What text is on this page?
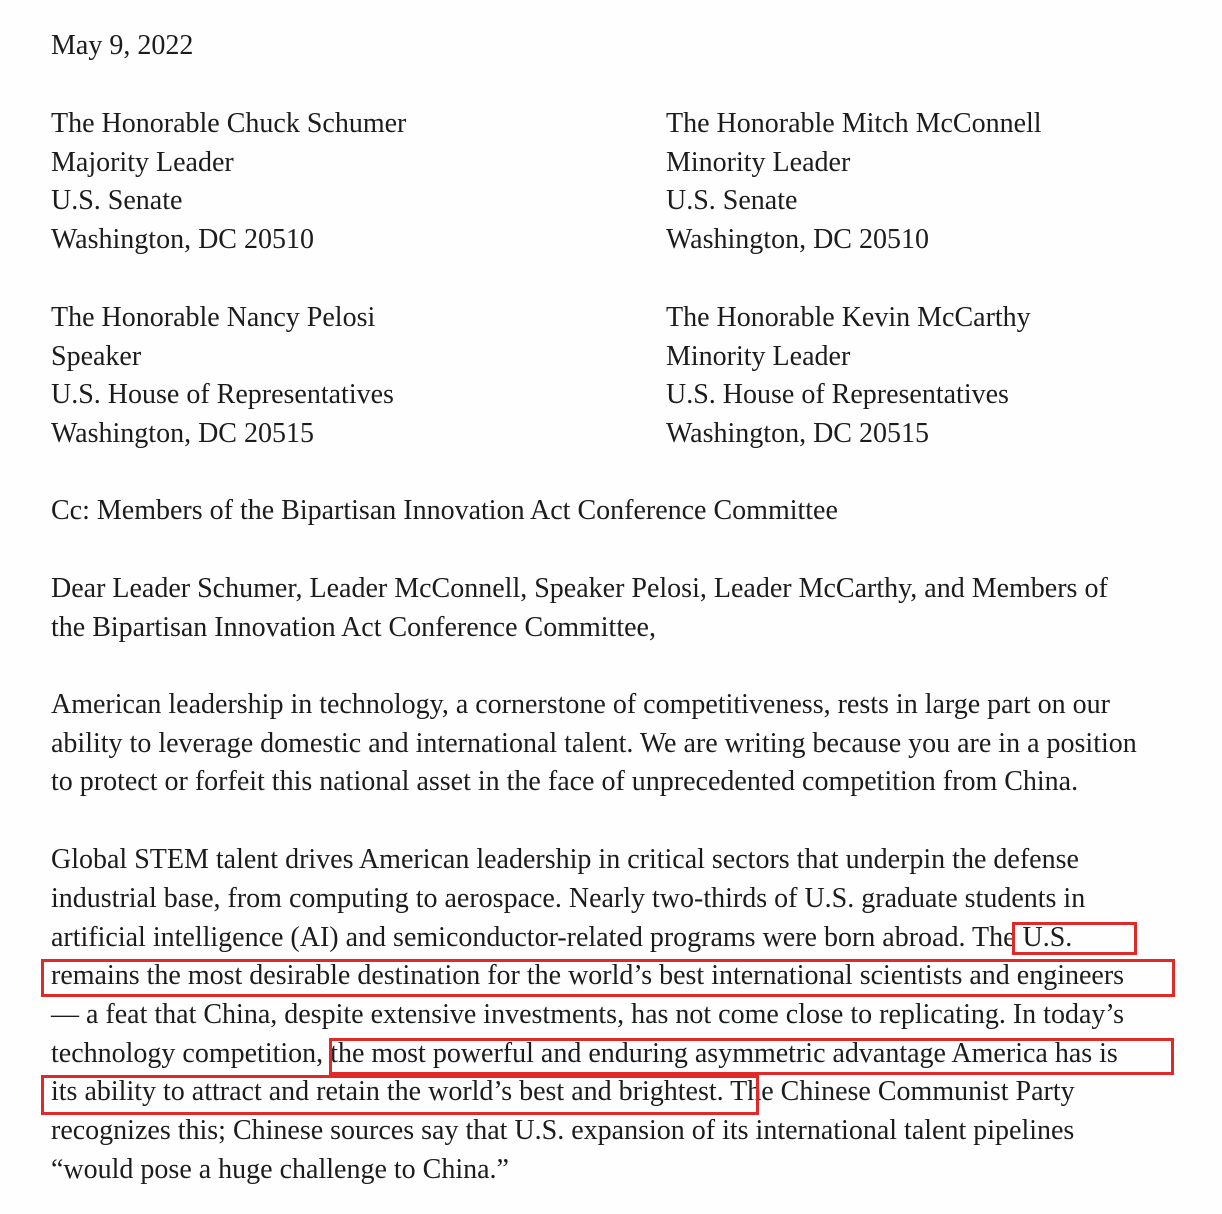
May 9, 2022
The Honorable Chuck Schumer
Majority Leader
U.S. Senate
Washington, DC 20510
The Honorable Mitch McConnell
Minority Leader
U.S. Senate
Washington, DC 20510
The Honorable Nancy Pelosi
Speaker
U.S. House of Representatives
Washington, DC 20515
The Honorable Kevin McCarthy
Minority Leader
U.S. House of Representatives
Washington, DC 20515
Cc: Members of the Bipartisan Innovation Act Conference Committee
Dear Leader Schumer, Leader McConnell, Speaker Pelosi, Leader McCarthy, and Members of
the Bipartisan Innovation Act Conference Committee,
American leadership in technology, a cornerstone of competitiveness, rests in large part on our
ability to leverage domestic and international talent. We are writing because you are in a position
to protect or forfeit this national asset in the face of unprecedented competition from China.
Global STEM talent drives American leadership in critical sectors that underpin the defense
industrial base, from computing to aerospace. Nearly two-thirds of U.S. graduate students in
artificial intelligence (AI) and semiconductor-related programs were born abroad. The U.S.
remains the most desirable destination for the world’s best international scientists and engineers
— a feat that China, despite extensive investments, has not come close to replicating. In today’s
technology competition, the most powerful and enduring asymmetric advantage America has is
its ability to attract and retain the world’s best and brightest. The Chinese Communist Party
recognizes this; Chinese sources say that U.S. expansion of its international talent pipelines
“would pose a huge challenge to China.”
